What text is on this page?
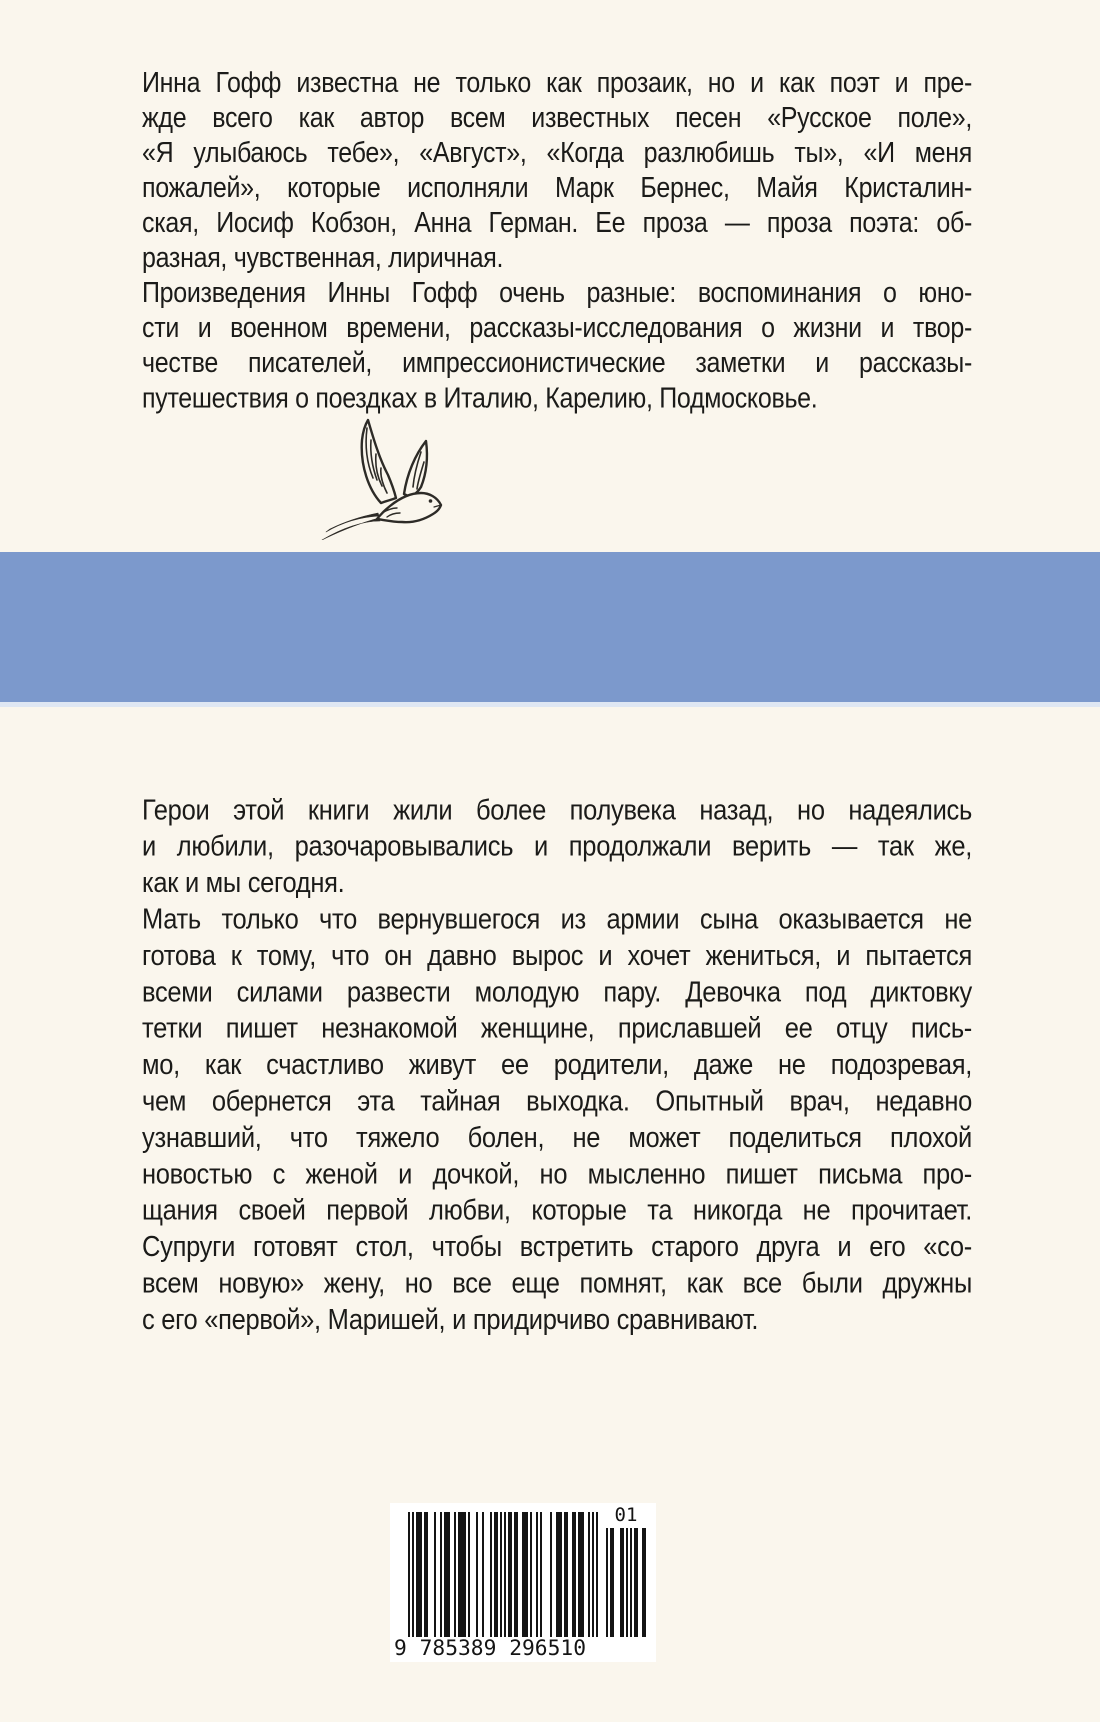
Инна Гофф известна не только как прозаик, но и как поэт и пре-
жде всего как автор всем известных песен «Русское поле»,
«Я улыбаюсь тебе», «Август», «Когда разлюбишь ты», «И меня
пожалей», которые исполняли Марк Бернес, Майя Кристалин-
ская, Иосиф Кобзон, Анна Герман. Ее проза — проза поэта: об-
разная, чувственная, лиричная.
Произведения Инны Гофф очень разные: воспоминания о юно-
сти и военном времени, рассказы-исследования о жизни и твор-
честве писателей, импрессионистические заметки и рассказы-
путешествия о поездках в Италию, Карелию, Подмосковье.
Герои этой книги жили более полувека назад, но надеялись
и любили, разочаровывались и продолжали верить — так же,
как и мы сегодня.
Мать только что вернувшегося из армии сына оказывается не
готова к тому, что он давно вырос и хочет жениться, и пытается
всеми силами развести молодую пару. Девочка под диктовку
тетки пишет незнакомой женщине, приславшей ее отцу пись-
мо, как счастливо живут ее родители, даже не подозревая,
чем обернется эта тайная выходка. Опытный врач, недавно
узнавший, что тяжело болен, не может поделиться плохой
новостью с женой и дочкой, но мысленно пишет письма про-
щания своей первой любви, которые та никогда не прочитает.
Супруги готовят стол, чтобы встретить старого друга и его «со-
всем новую» жену, но все еще помнят, как все были дружны
с его «первой», Маришей, и придирчиво сравнивают.
9 785389 296510
01
